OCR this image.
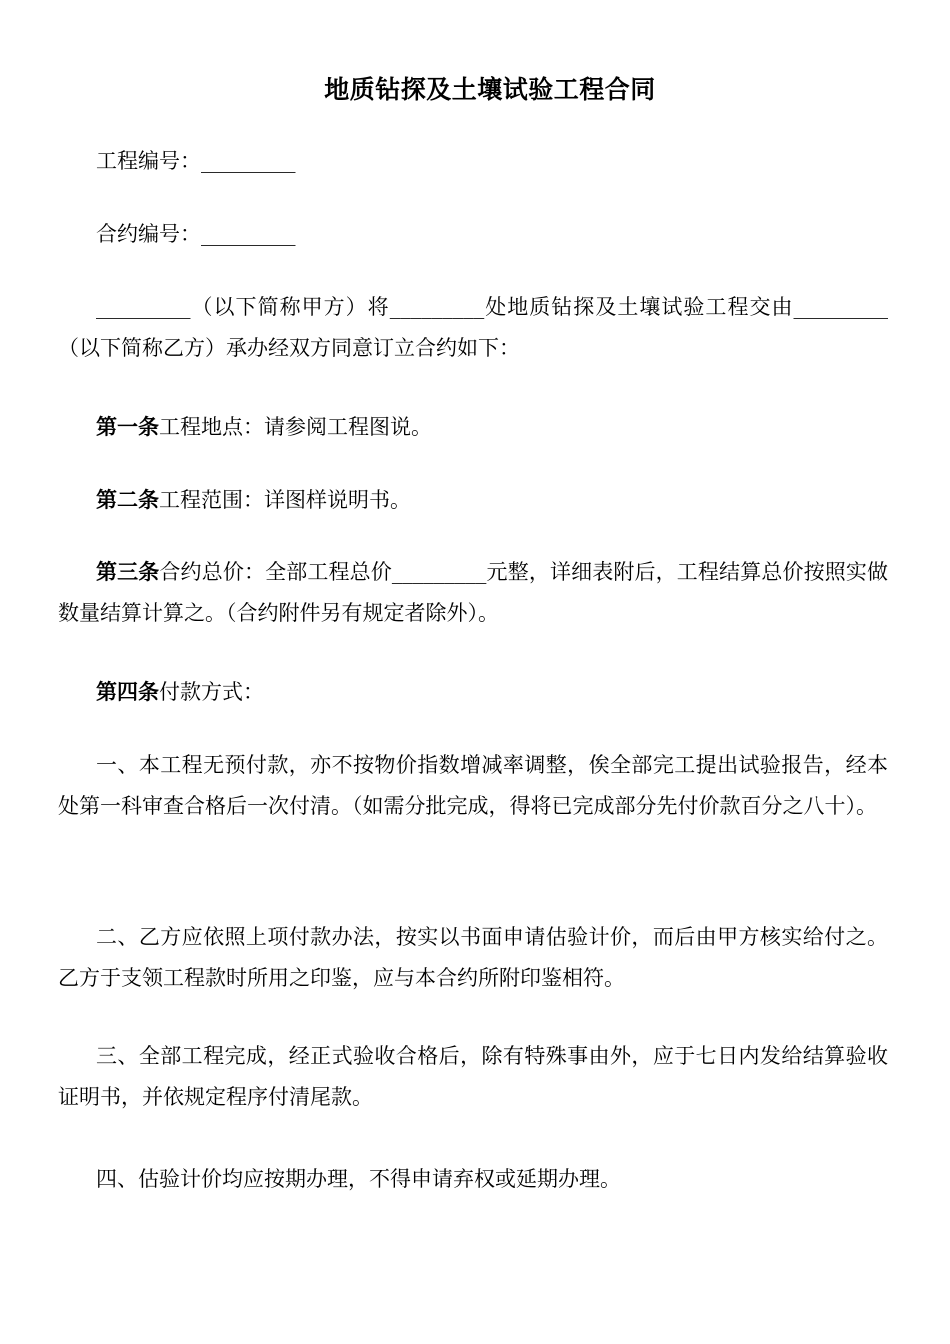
地质钻探及土壤试验工程合同
工程编号：_________
合约编号：_________
_________（以下简称甲方）将_________处地质钻探及土壤试验工程交由_________（以下简称乙方）承办经双方同意订立合约如下：
第一条工程地点：请参阅工程图说。
第二条工程范围：详图样说明书。
第三条合约总价：全部工程总价_________元整，详细表附后，工程结算总价按照实做数量结算计算之。（合约附件另有规定者除外）。
第四条付款方式：
一、本工程无预付款，亦不按物价指数增减率调整，俟全部完工提出试验报告，经本处第一科审查合格后一次付清。（如需分批完成，得将已完成部分先付价款百分之八十）。
二、乙方应依照上项付款办法，按实以书面申请估验计价，而后由甲方核实给付之。乙方于支领工程款时所用之印鉴，应与本合约所附印鉴相符。
三、全部工程完成，经正式验收合格后，除有特殊事由外，应于七日内发给结算验收证明书，并依规定程序付清尾款。
四、估验计价均应按期办理，不得申请弃权或延期办理。
